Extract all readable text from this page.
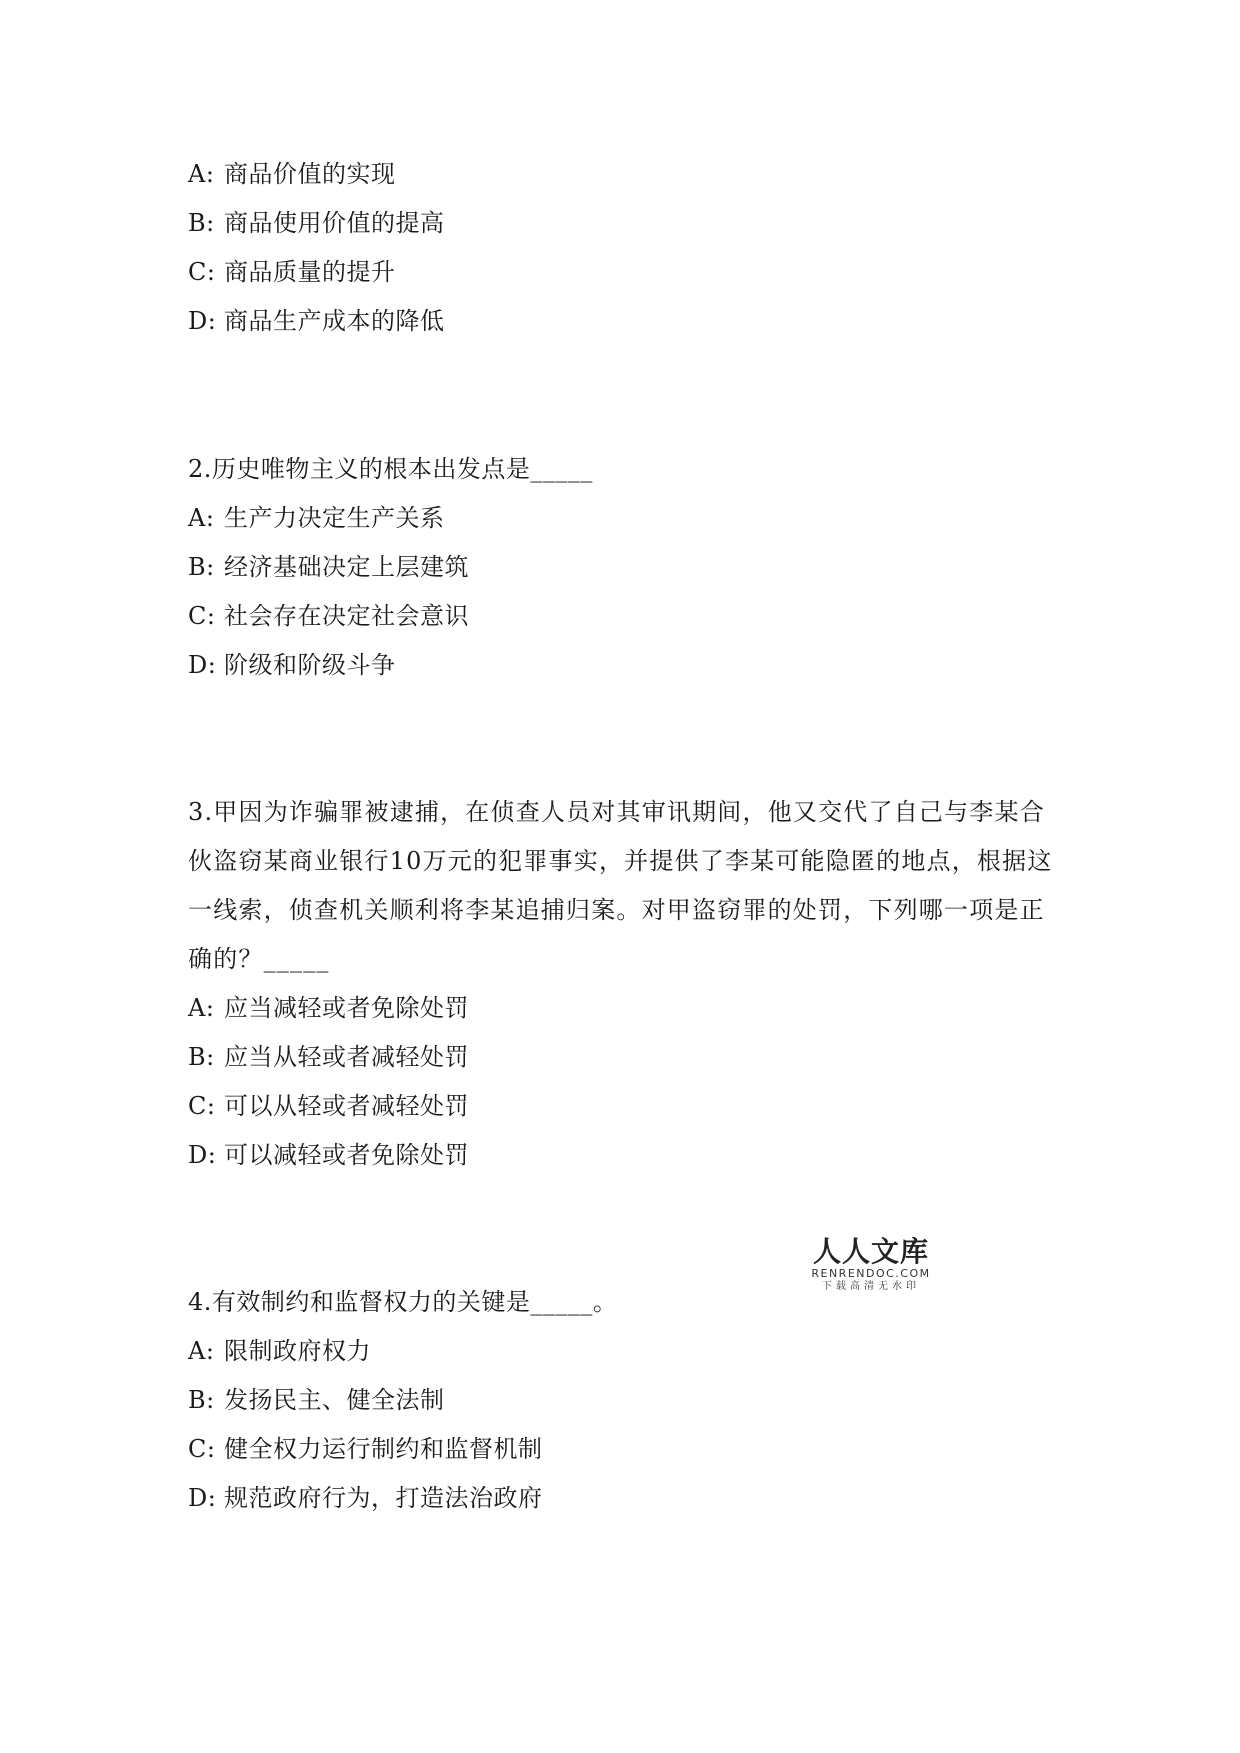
A: 商品价值的实现
B: 商品使用价值的提高
C: 商品质量的提升
D: 商品生产成本的降低
2.历史唯物主义的根本出发点是_____
A: 生产力决定生产关系
B: 经济基础决定上层建筑
C: 社会存在决定社会意识
D: 阶级和阶级斗争
3.甲因为诈骗罪被逮捕，在侦查人员对其审讯期间，他又交代了自己与李某合
伙盗窃某商业银行10万元的犯罪事实，并提供了李某可能隐匿的地点，根据这
一线索，侦查机关顺利将李某追捕归案。对甲盗窃罪的处罚，下列哪一项是正
确的？_____
A: 应当减轻或者免除处罚
B: 应当从轻或者减轻处罚
C: 可以从轻或者减轻处罚
D: 可以减轻或者免除处罚
人人文库
RENRENDOC.COM
下载高清无水印
4.有效制约和监督权力的关键是_____。
A: 限制政府权力
B: 发扬民主、健全法制
C: 健全权力运行制约和监督机制
D: 规范政府行为，打造法治政府
